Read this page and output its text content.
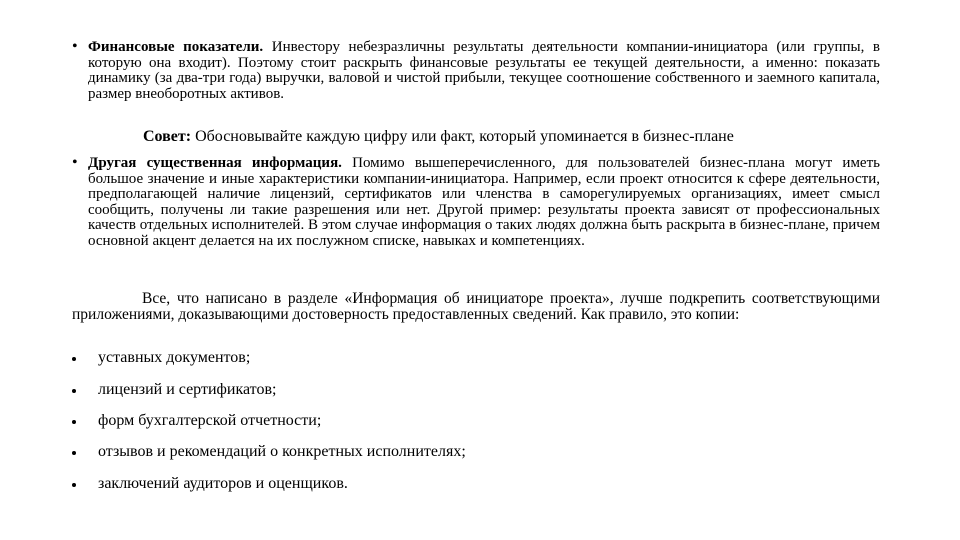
• Финансовые показатели. Инвестору небезразличны результаты деятельности компании-инициатора (или группы, в которую она входит). Поэтому стоит раскрыть финансовые результаты ее текущей деятельности, а именно: показать динамику (за два-три года) выручки, валовой и чистой прибыли, текущее соотношение собственного и заемного капитала, размер внеоборотных активов.
Совет: Обосновывайте каждую цифру или факт, который упоминается в бизнес-плане
• Другая существенная информация. Помимо вышеперечисленного, для пользователей бизнес-плана могут иметь большое значение и иные характеристики компании-инициатора. Например, если проект относится к сфере деятельности, предполагающей наличие лицензий, сертификатов или членства в саморегулируемых организациях, имеет смысл сообщить, получены ли такие разрешения или нет. Другой пример: результаты проекта зависят от профессиональных качеств отдельных исполнителей. В этом случае информация о таких людях должна быть раскрыта в бизнес-плане, причем основной акцент делается на их послужном списке, навыках и компетенциях.
Все, что написано в разделе «Информация об инициаторе проекта», лучше подкрепить соответствующими приложениями, доказывающими достоверность предоставленных сведений. Как правило, это копии:
уставных документов;
лицензий и сертификатов;
форм бухгалтерской отчетности;
отзывов и рекомендаций о конкретных исполнителях;
заключений аудиторов и оценщиков.
